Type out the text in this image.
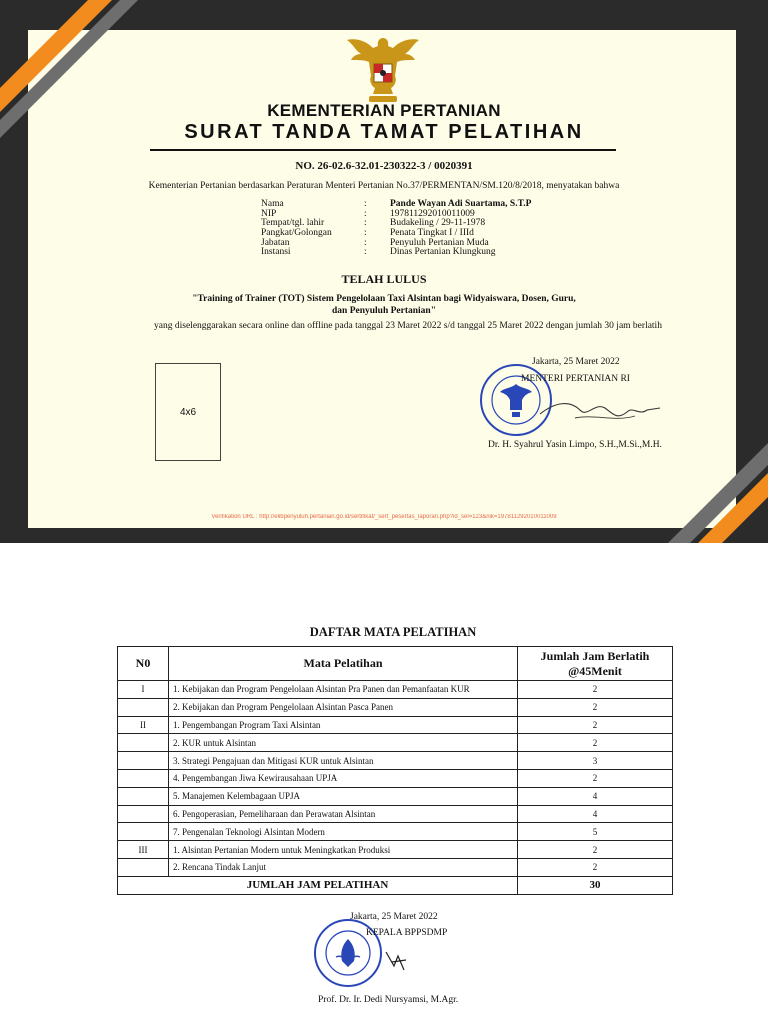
KEMENTERIAN PERTANIAN
SURAT TANDA TAMAT PELATIHAN
NO. 26-02.6-32.01-230322-3 / 0020391
Kementerian Pertanian berdasarkan Peraturan Menteri Pertanian No.37/PERMENTAN/SM.120/8/2018, menyatakan bahwa
Nama	:	Pande Wayan Adi Suartama, S.T.P
NIP	:	197811292010011009
Tempat/tgl. lahir	:	Budakeling / 29-11-1978
Pangkat/Golongan	:	Penata Tingkat I / IIId
Jabatan	:	Penyuluh Pertanian Muda
Instansi	:	Dinas Pertanian Klungkung
TELAH LULUS
"Training of Trainer (TOT) Sistem Pengelolaan Taxi Alsintan bagi Widyaiswara, Dosen, Guru,
dan Penyuluh Pertanian"
yang diselenggarakan secara online dan offline pada tanggal 23 Maret 2022 s/d tanggal 25 Maret 2022 dengan jumlah 30 jam berlatih
4x6
Jakarta, 25 Maret 2022
MENTERI PERTANIAN RI
Dr. H. Syahrul Yasin Limpo, S.H.,M.Si.,M.H.
Verifikation URL : http://elibpenyuluh.pertanian.go.id/sertifikat/_sert_pesertas_laporan.php?id_sel=123&nik=197811292010011009
DAFTAR MATA PELATIHAN
N0	Mata Pelatihan	Jumlah Jam Berlatih
@45Menit

I	1. Kebijakan dan Program Pengelolaan Alsintan Pra Panen dan Pemanfaatan KUR	2
	2. Kebijakan dan Program Pengelolaan Alsintan Pasca Panen	2
II	1. Pengembangan Program Taxi Alsintan	2
	2. KUR untuk Alsintan	2
	3. Strategi Pengajuan dan Mitigasi KUR untuk Alsintan	3
	4. Pengembangan Jiwa Kewirausahaan UPJA	2
	5. Manajemen Kelembagaan UPJA	4
	6. Pengoperasian, Pemeliharaan dan Perawatan Alsintan	4
	7. Pengenalan Teknologi Alsintan Modern	5
III	1. Alsintan Pertanian Modern untuk Meningkatkan Produksi	2
	2. Rencana Tindak Lanjut	2
JUMLAH JAM PELATIHAN		30
Jakarta, 25 Maret 2022
KEPALA BPPSDMP
Prof. Dr. Ir. Dedi Nursyamsi, M.Agr.
